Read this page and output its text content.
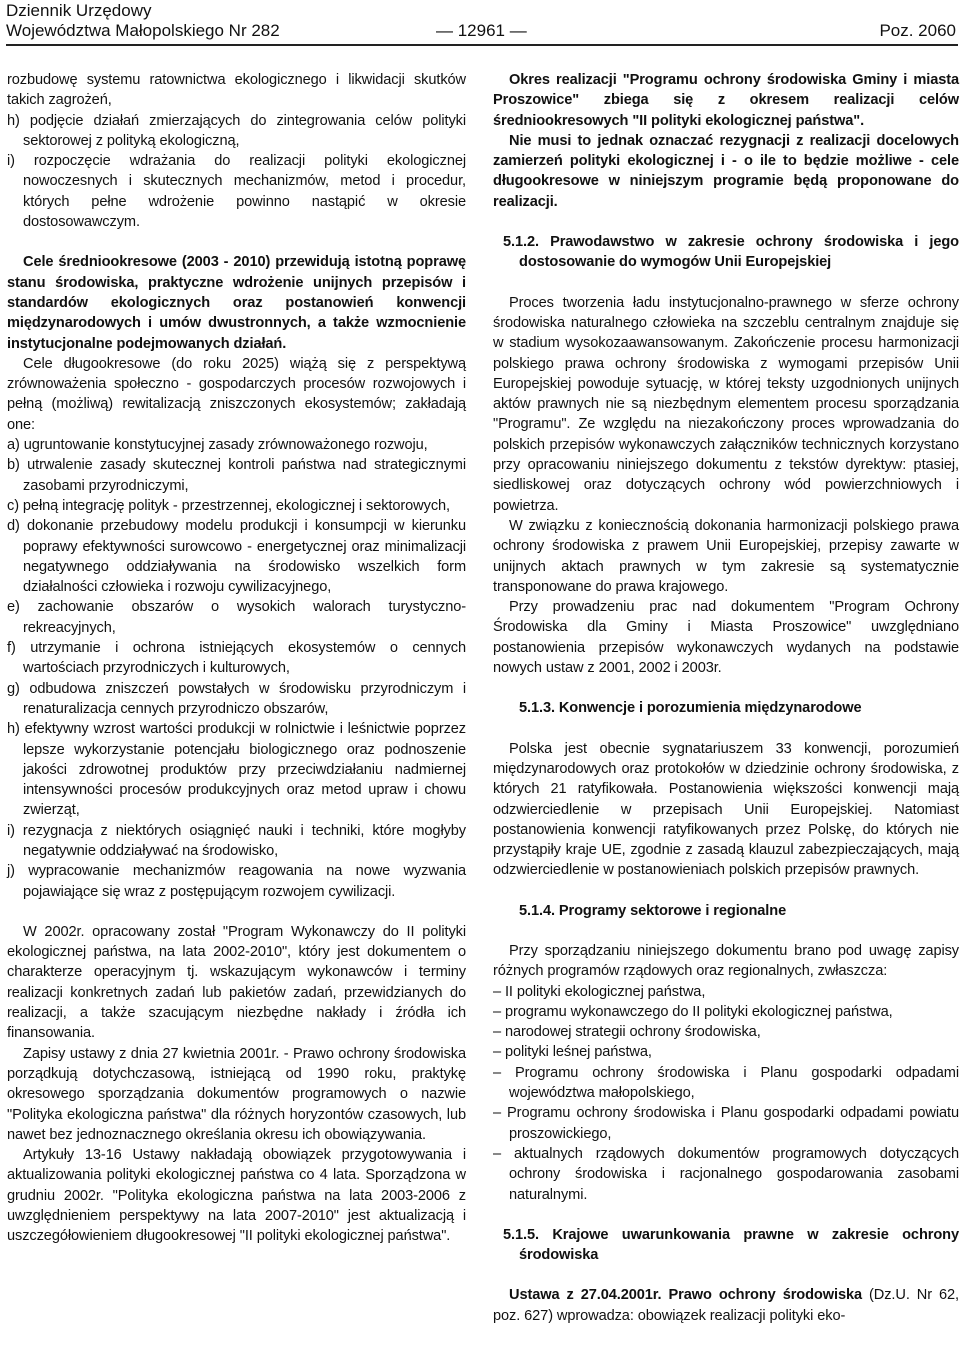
Dziennik Urzędowy
Województwa Małopolskiego Nr 282	— 12961 —	Poz. 2060

rozbudowę systemu ratownictwa ekologicznego i likwidacji skutków takich zagrożeń,

h) podjęcie działań zmierzających do zintegrowania celów polityki sektorowej z polityką ekologiczną,

i) rozpoczęcie wdrażania do realizacji polityki ekologicznej nowoczesnych i skutecznych mechanizmów, metod i procedur, których pełne wdrożenie powinno nastąpić w okresie dostosowawczym.

Cele średniookresowe (2003 - 2010) przewidują istotną poprawę stanu środowiska, praktyczne wdrożenie unijnych przepisów i standardów ekologicznych oraz postanowień konwencji międzynarodowych i umów dwustronnych, a także wzmocnienie instytucjonalne podejmowanych działań.

Cele długookresowe (do roku 2025) wiążą się z perspektywą zrównoważenia społeczno - gospodarczych procesów rozwojowych i pełną (możliwą) rewitalizacją zniszczonych ekosystemów; zakładają one:

a) ugruntowanie konstytucyjnej zasady zrównoważonego rozwoju,

b) utrwalenie zasady skutecznej kontroli państwa nad strategicznymi zasobami przyrodniczymi,

c) pełną integrację polityk - przestrzennej, ekologicznej i sektorowych,

d) dokonanie przebudowy modelu produkcji i konsumpcji w kierunku poprawy efektywności surowcowo - energetycznej oraz minimalizacji negatywnego oddziaływania na środowisko wszelkich form działalności człowieka i rozwoju cywilizacyjnego,

e) zachowanie obszarów o wysokich walorach turystyczno-rekreacyjnych,

f) utrzymanie i ochrona istniejących ekosystemów o cennych wartościach przyrodniczych i kulturowych,

g) odbudowa zniszczeń powstałych w środowisku przyrodniczym i renaturalizacja cennych przyrodniczo obszarów,

h) efektywny wzrost wartości produkcji w rolnictwie i leśnictwie poprzez lepsze wykorzystanie potencjału biologicznego oraz podnoszenie jakości zdrowotnej produktów przy przeciwdziałaniu nadmiernej intensywności procesów produkcyjnych oraz metod upraw i chowu zwierząt,

i) rezygnacja z niektórych osiągnięć nauki i techniki, które mogłyby negatywnie oddziaływać na środowisko,

j) wypracowanie mechanizmów reagowania na nowe wyzwania pojawiające się wraz z postępującym rozwojem cywilizacji.

W 2002r. opracowany został "Program Wykonawczy do II polityki ekologicznej państwa, na lata 2002-2010", który jest dokumentem o charakterze operacyjnym tj. wskazującym wykonawców i terminy realizacji konkretnych zadań lub pakietów zadań, przewidzianych do realizacji, a także szacującym niezbędne nakłady i źródła ich finansowania.

Zapisy ustawy z dnia 27 kwietnia 2001r. - Prawo ochrony środowiska porządkują dotychczasową, istniejącą od 1990 roku, praktykę okresowego sporządzania dokumentów programowych o nazwie "Polityka ekologiczna państwa" dla różnych horyzontów czasowych, lub nawet bez jednoznacznego określania okresu ich obowiązywania.

Artykuły 13-16 Ustawy nakładają obowiązek przygotowywania i aktualizowania polityki ekologicznej państwa co 4 lata. Sporządzona w grudniu 2002r. "Polityka ekologiczna państwa na lata 2003-2006 z uwzględnieniem perspektywy na lata 2007-2010" jest aktualizacją i uszczegółowieniem długookresowej "II polityki ekologicznej państwa".

Okres realizacji "Programu ochrony środowiska Gminy i miasta Proszowice" zbiega się z okresem realizacji celów średniookresowych "II polityki ekologicznej państwa".

Nie musi to jednak oznaczać rezygnacji z realizacji docelowych zamierzeń polityki ekologicznej i - o ile to będzie możliwe - cele długookresowe w niniejszym programie będą proponowane do realizacji.

5.1.2. Prawodawstwo w zakresie ochrony środowiska i jego dostosowanie do wymogów Unii Europejskiej

Proces tworzenia ładu instytucjonalno-prawnego w sferze ochrony środowiska naturalnego człowieka na szczeblu centralnym znajduje się w stadium wysokozaawansowanym. Zakończenie procesu harmonizacji polskiego prawa ochrony środowiska z wymogami przepisów Unii Europejskiej powoduje sytuację, w której teksty uzgodnionych unijnych aktów prawnych nie są niezbędnym elementem procesu sporządzania "Programu". Ze względu na niezakończony proces wprowadzania do polskich przepisów wykonawczych załączników technicznych korzystano przy opracowaniu niniejszego dokumentu z tekstów dyrektyw: ptasiej, siedliskowej oraz dotyczących ochrony wód powierzchniowych i powietrza.

W związku z koniecznością dokonania harmonizacji polskiego prawa ochrony środowiska z prawem Unii Europejskiej, przepisy zawarte w unijnych aktach prawnych w tym zakresie są systematycznie transponowane do prawa krajowego.

Przy prowadzeniu prac nad dokumentem "Program Ochrony Środowiska dla Gminy i Miasta Proszowice" uwzględniano postanowienia przepisów wykonawczych wydanych na podstawie nowych ustaw z 2001, 2002 i 2003r.

5.1.3. Konwencje i porozumienia międzynarodowe

Polska jest obecnie sygnatariuszem 33 konwencji, porozumień międzynarodowych oraz protokołów w dziedzinie ochrony środowiska, z których 21 ratyfikowała. Postanowienia większości konwencji mają odzwierciedlenie w przepisach Unii Europejskiej. Natomiast postanowienia konwencji ratyfikowanych przez Polskę, do których nie przystąpiły kraje UE, zgodnie z zasadą klauzul zabezpieczających, mają odzwierciedlenie w postanowieniach polskich przepisów prawnych.

5.1.4. Programy sektorowe i regionalne

Przy sporządzaniu niniejszego dokumentu brano pod uwagę zapisy różnych programów rządowych oraz regionalnych, zwłaszcza:

– II polityki ekologicznej państwa,

– programu wykonawczego do II polityki ekologicznej państwa,

– narodowej strategii ochrony środowiska,

– polityki leśnej państwa,

– Programu ochrony środowiska i Planu gospodarki odpadami województwa małopolskiego,

– Programu ochrony środowiska i Planu gospodarki odpadami powiatu proszowickiego,

– aktualnych rządowych dokumentów programowych dotyczących ochrony środowiska i racjonalnego gospodarowania zasobami naturalnymi.

5.1.5. Krajowe uwarunkowania prawne w zakresie ochrony środowiska

Ustawa z 27.04.2001r. Prawo ochrony środowiska (Dz.U. Nr 62, poz. 627) wprowadza: obowiązek realizacji polityki eko-
